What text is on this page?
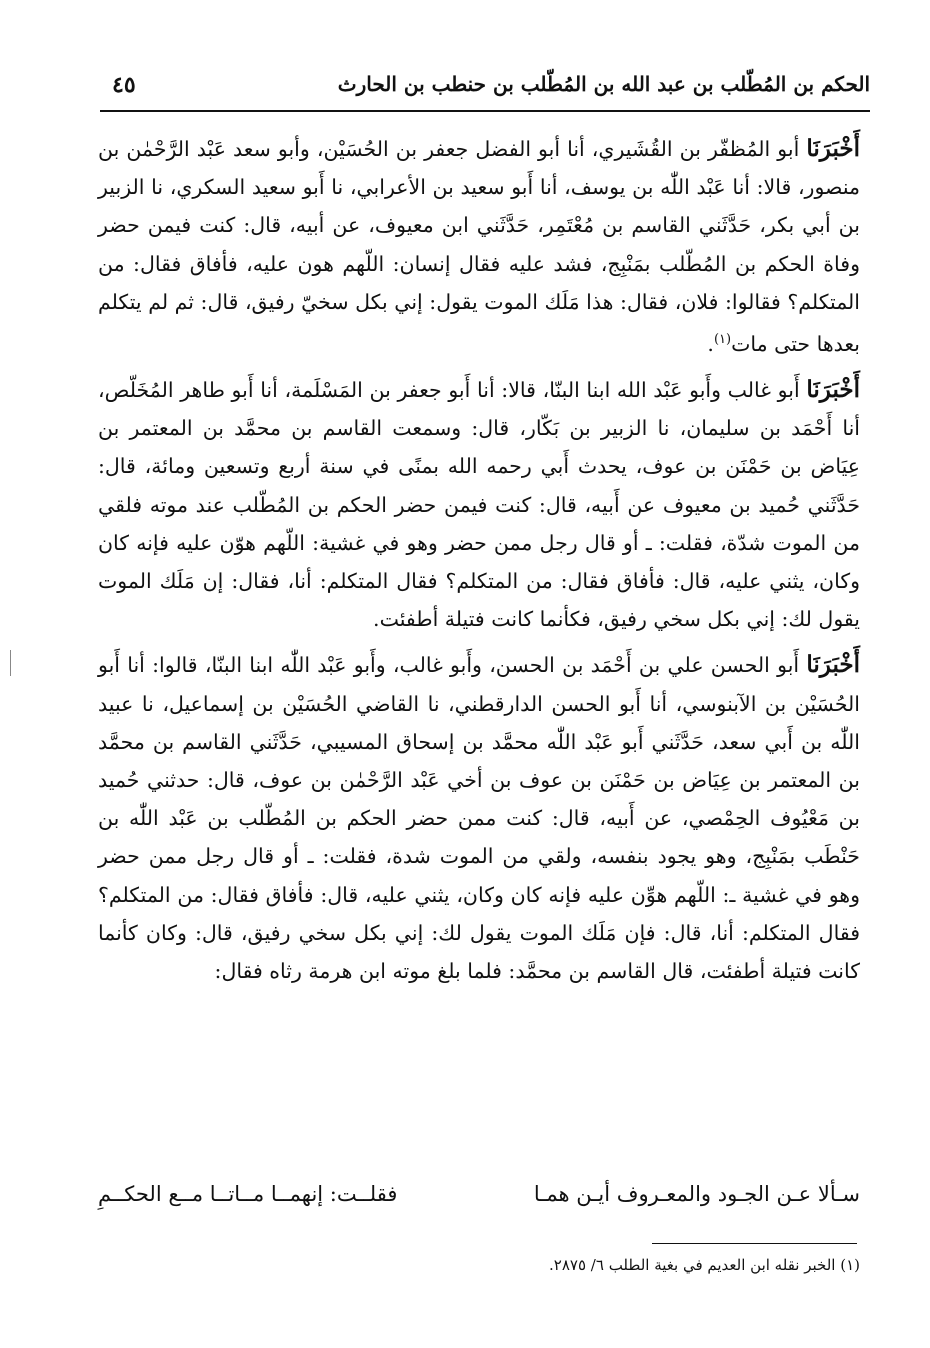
الحكم بن المُطّلب بن عبد الله بن المُطّلب بن حنطب بن الحارث
٤٥

أَخْبَرَنَا أبو المُظفّر بن القُشَيري، أنا أبو الفضل جعفر بن الحُسَيْن، وأبو سعد عَبْد الرَّحْمٰن بن منصور، قالا: أنا عَبْد اللّٰه بن يوسف، أنا أَبو سعيد بن الأعرابي، نا أَبو سعيد السكري، نا الزبير بن أبي بكر، حَدَّثَني القاسم بن مُعْتَمِر، حَدَّثَني ابن معيوف، عن أبيه، قال: كنت فيمن حضر وفاة الحكم بن المُطّلب بمَنْبِج، فشد عليه فقال إنسان: اللّهم هون عليه، فأفاق فقال: من المتكلم؟ فقالوا: فلان، فقال: هذا مَلَك الموت يقول: إني بكل سخيّ رفيق، قال: ثم لم يتكلم بعدها حتى مات$^{(١)}$.

أَخْبَرَنَا أَبو غالب وأَبو عَبْد الله ابنا البنّا، قالا: أنا أَبو جعفر بن المَسْلَمة، أنا أَبو طاهر المُخَلّص، أنا أَحْمَد بن سليمان، نا الزبير بن بَكّار، قال: وسمعت القاسم بن محمَّد بن المعتمر بن عِيَاض بن حَمْنَن بن عوف، يحدث أَبي رحمه الله بمنًى في سنة أربع وتسعين ومائة، قال: حَدَّثَني حُميد بن معيوف عن أَبيه، قال: كنت فيمن حضر الحكم بن المُطّلب عند موته فلقي من الموت شدّة، فقلت: ـ أو قال رجل ممن حضر وهو في غشية: اللّهم هوّن عليه فإنه كان وكان، يثني عليه، قال: فأفاق فقال: من المتكلم؟ فقال المتكلم: أنا، فقال: إن مَلَك الموت يقول لك: إني بكل سخي رفيق، فكأنما كانت فتيلة أطفئت.

أَخْبَرَنَا أَبو الحسن علي بن أَحْمَد بن الحسن، وأَبو غالب، وأَبو عَبْد اللّٰه ابنا البنّا، قالوا: أنا أَبو الحُسَيْن بن الآبنوسي، أنا أَبو الحسن الدارقطني، نا القاضي الحُسَيْن بن إسماعيل، نا عبيد اللّٰه بن أَبي سعد، حَدَّثَني أَبو عَبْد اللّٰه محمَّد بن إسحاق المسيبي، حَدَّثَني القاسم بن محمَّد بن المعتمر بن عِيَاض بن حَمْنَن بن عوف بن أخي عَبْد الرَّحْمٰن بن عوف، قال: حدثني حُميد بن مَعْيُوف الحِمْصي، عن أَبيه، قال: كنت ممن حضر الحكم بن المُطّلب بن عَبْد اللّٰه بن حَنْطَب بمَنْبِج، وهو يجود بنفسه، ولقي من الموت شدة، فقلت: ـ أو قال رجل ممن حضر وهو في غشية ـ: اللّهم هوِّن عليه فإنه كان وكان، يثني عليه، قال: فأفاق فقال: من المتكلم؟ فقال المتكلم: أنا، قال: فإن مَلَك الموت يقول لك: إني بكل سخي رفيق، قال: وكان كأنما كانت فتيلة أطفئت، قال القاسم بن محمَّد: فلما بلغ موته ابن هرمة رثاه فقال:

سـألا عـن الجـود والمعـروف أيـن همـا
فقلــت: إنهمــا مــاتــا مــع الحكــمِ
(١) الخبر نقله ابن العديم في بغية الطلب ٦/ ٢٨٧٥.
